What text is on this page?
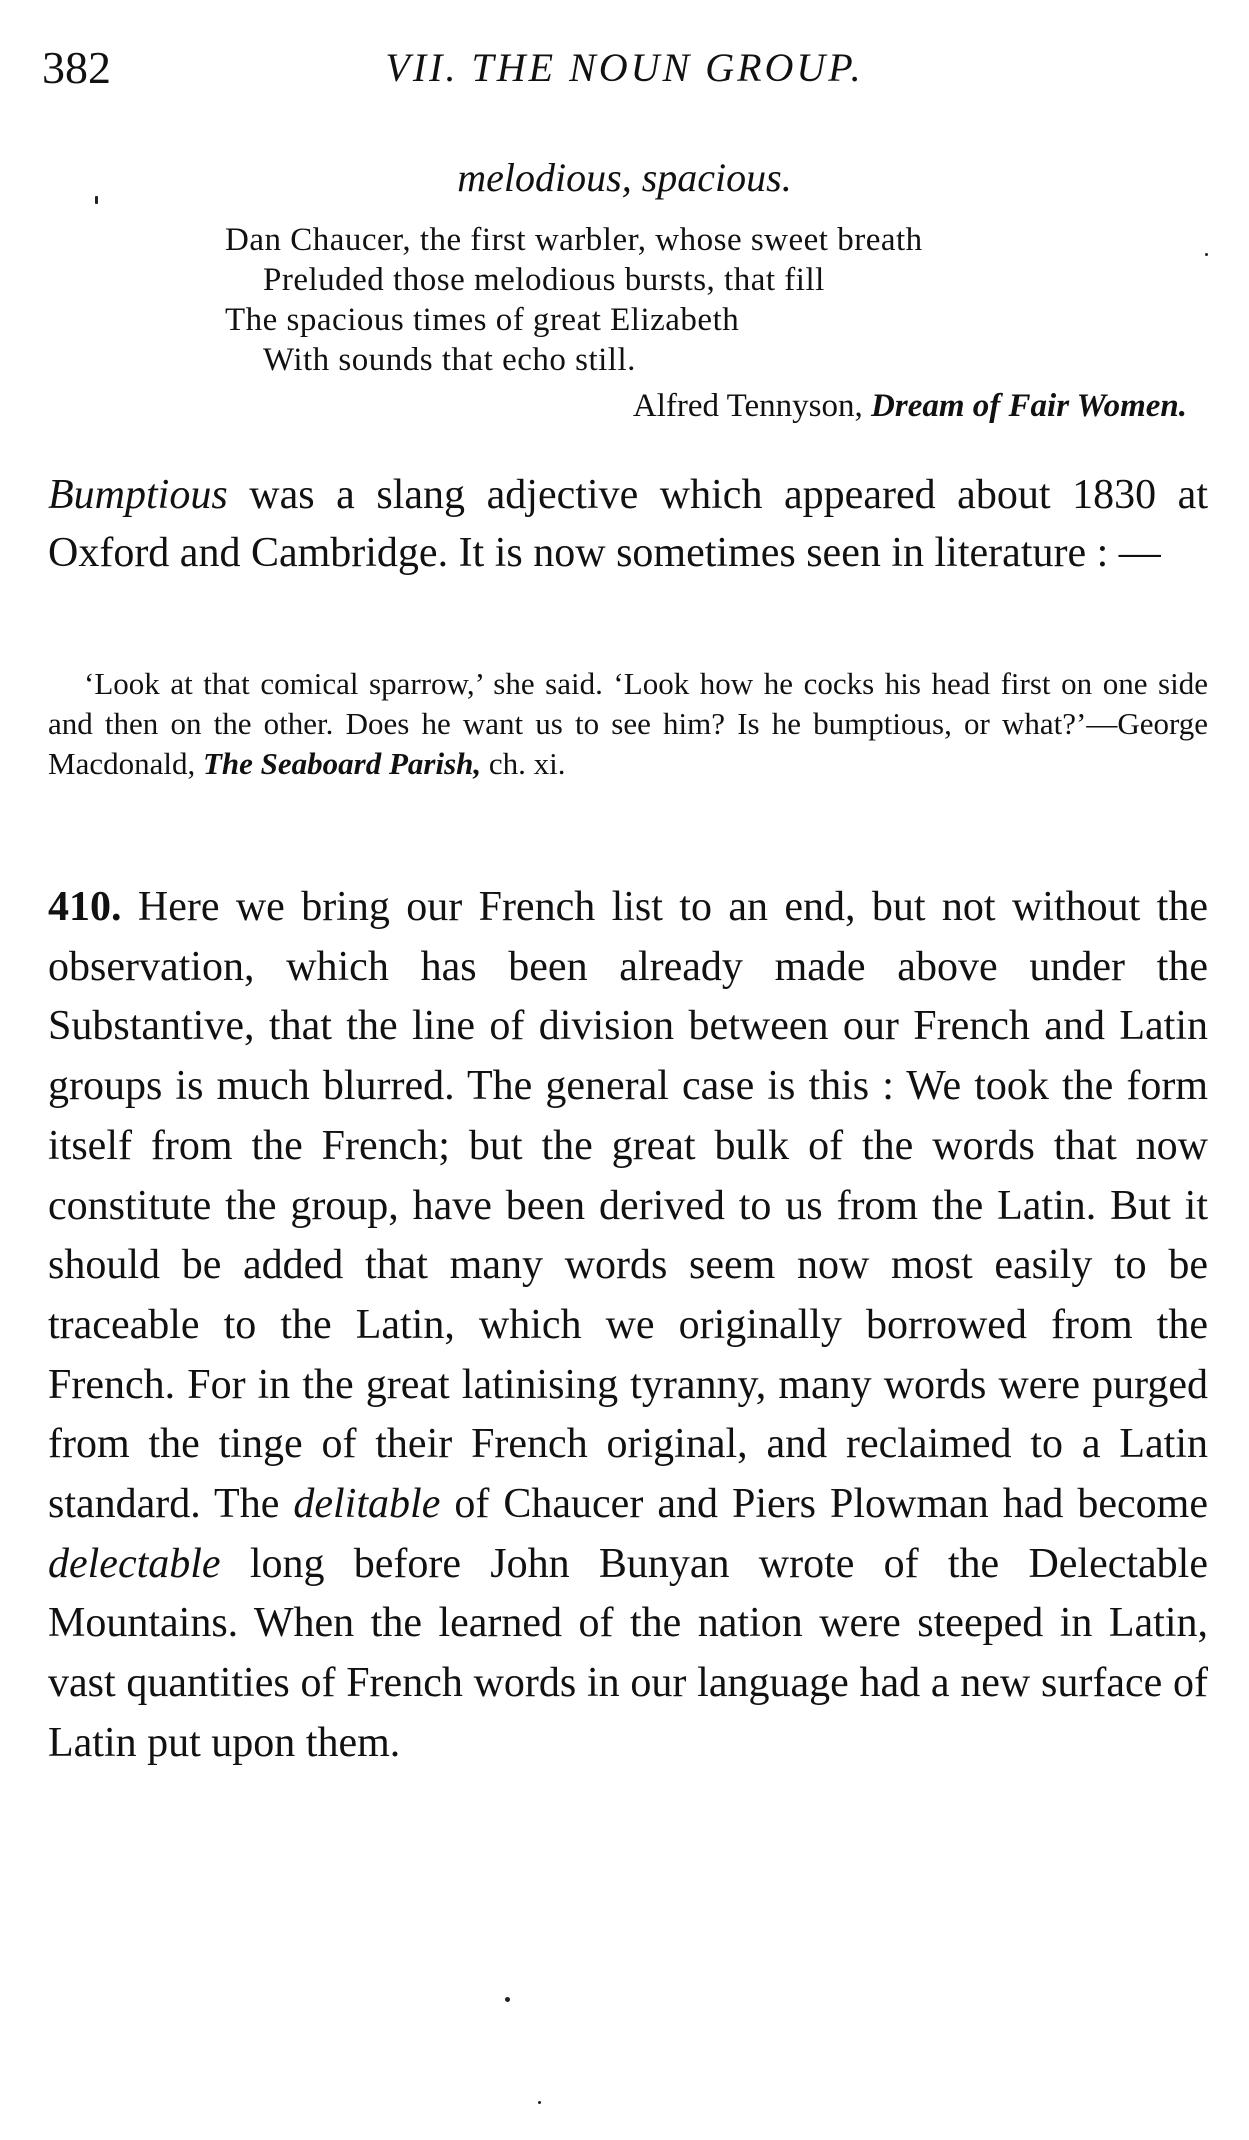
382	VII. THE NOUN GROUP.
melodious, spacious.
Dan Chaucer, the first warbler, whose sweet breath
Preluded those melodious bursts, that fill
The spacious times of great Elizabeth
With sounds that echo still.
Alfred Tennyson, Dream of Fair Women.
Bumptious was a slang adjective which appeared about 1830 at Oxford and Cambridge. It is now sometimes seen in literature : —
‘Look at that comical sparrow,’ she said. ‘Look how he cocks his head first on one side and then on the other. Does he want us to see him? Is he bumptious, or what?’—George Macdonald, The Seaboard Parish, ch. xi.
410. Here we bring our French list to an end, but not without the observation, which has been already made above under the Substantive, that the line of division between our French and Latin groups is much blurred. The general case is this : We took the form itself from the French; but the great bulk of the words that now constitute the group, have been derived to us from the Latin. But it should be added that many words seem now most easily to be traceable to the Latin, which we originally borrowed from the French. For in the great latinising tyranny, many words were purged from the tinge of their French original, and reclaimed to a Latin standard. The delitable of Chaucer and Piers Plowman had become delectable long before John Bunyan wrote of the Delectable Mountains. When the learned of the nation were steeped in Latin, vast quantities of French words in our language had a new surface of Latin put upon them.
